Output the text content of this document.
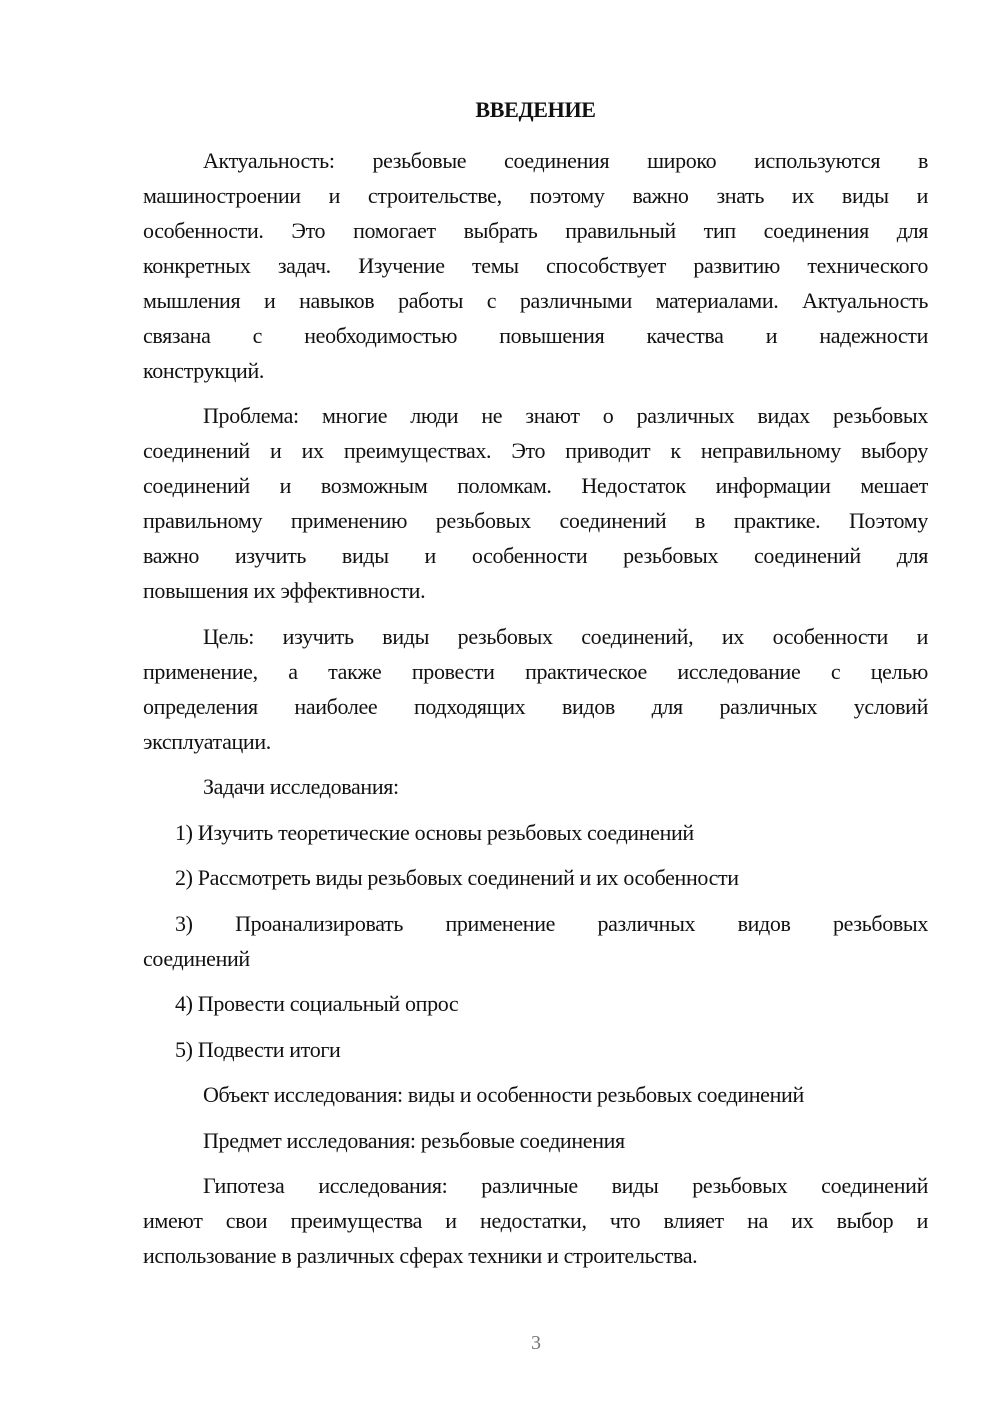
ВВЕДЕНИЕ
Актуальность: резьбовые соединения широко используются в
машиностроении и строительстве, поэтому важно знать их виды и
особенности. Это помогает выбрать правильный тип соединения для
конкретных задач. Изучение темы способствует развитию технического
мышления и навыков работы с различными материалами. Актуальность
связана с необходимостью повышения качества и надежности
конструкций.
Проблема: многие люди не знают о различных видах резьбовых
соединений и их преимуществах. Это приводит к неправильному выбору
соединений и возможным поломкам. Недостаток информации мешает
правильному применению резьбовых соединений в практике. Поэтому
важно изучить виды и особенности резьбовых соединений для
повышения их эффективности.
Цель: изучить виды резьбовых соединений, их особенности и
применение, а также провести практическое исследование с целью
определения наиболее подходящих видов для различных условий
эксплуатации.
Задачи исследования:
1) Изучить теоретические основы резьбовых соединений
2) Рассмотреть виды резьбовых соединений и их особенности
3) Проанализировать применение различных видов резьбовых
соединений
4) Провести социальный опрос
5) Подвести итоги
Объект исследования: виды и особенности резьбовых соединений
Предмет исследования: резьбовые соединения
Гипотеза исследования: различные виды резьбовых соединений
имеют свои преимущества и недостатки, что влияет на их выбор и
использование в различных сферах техники и строительства.
3
